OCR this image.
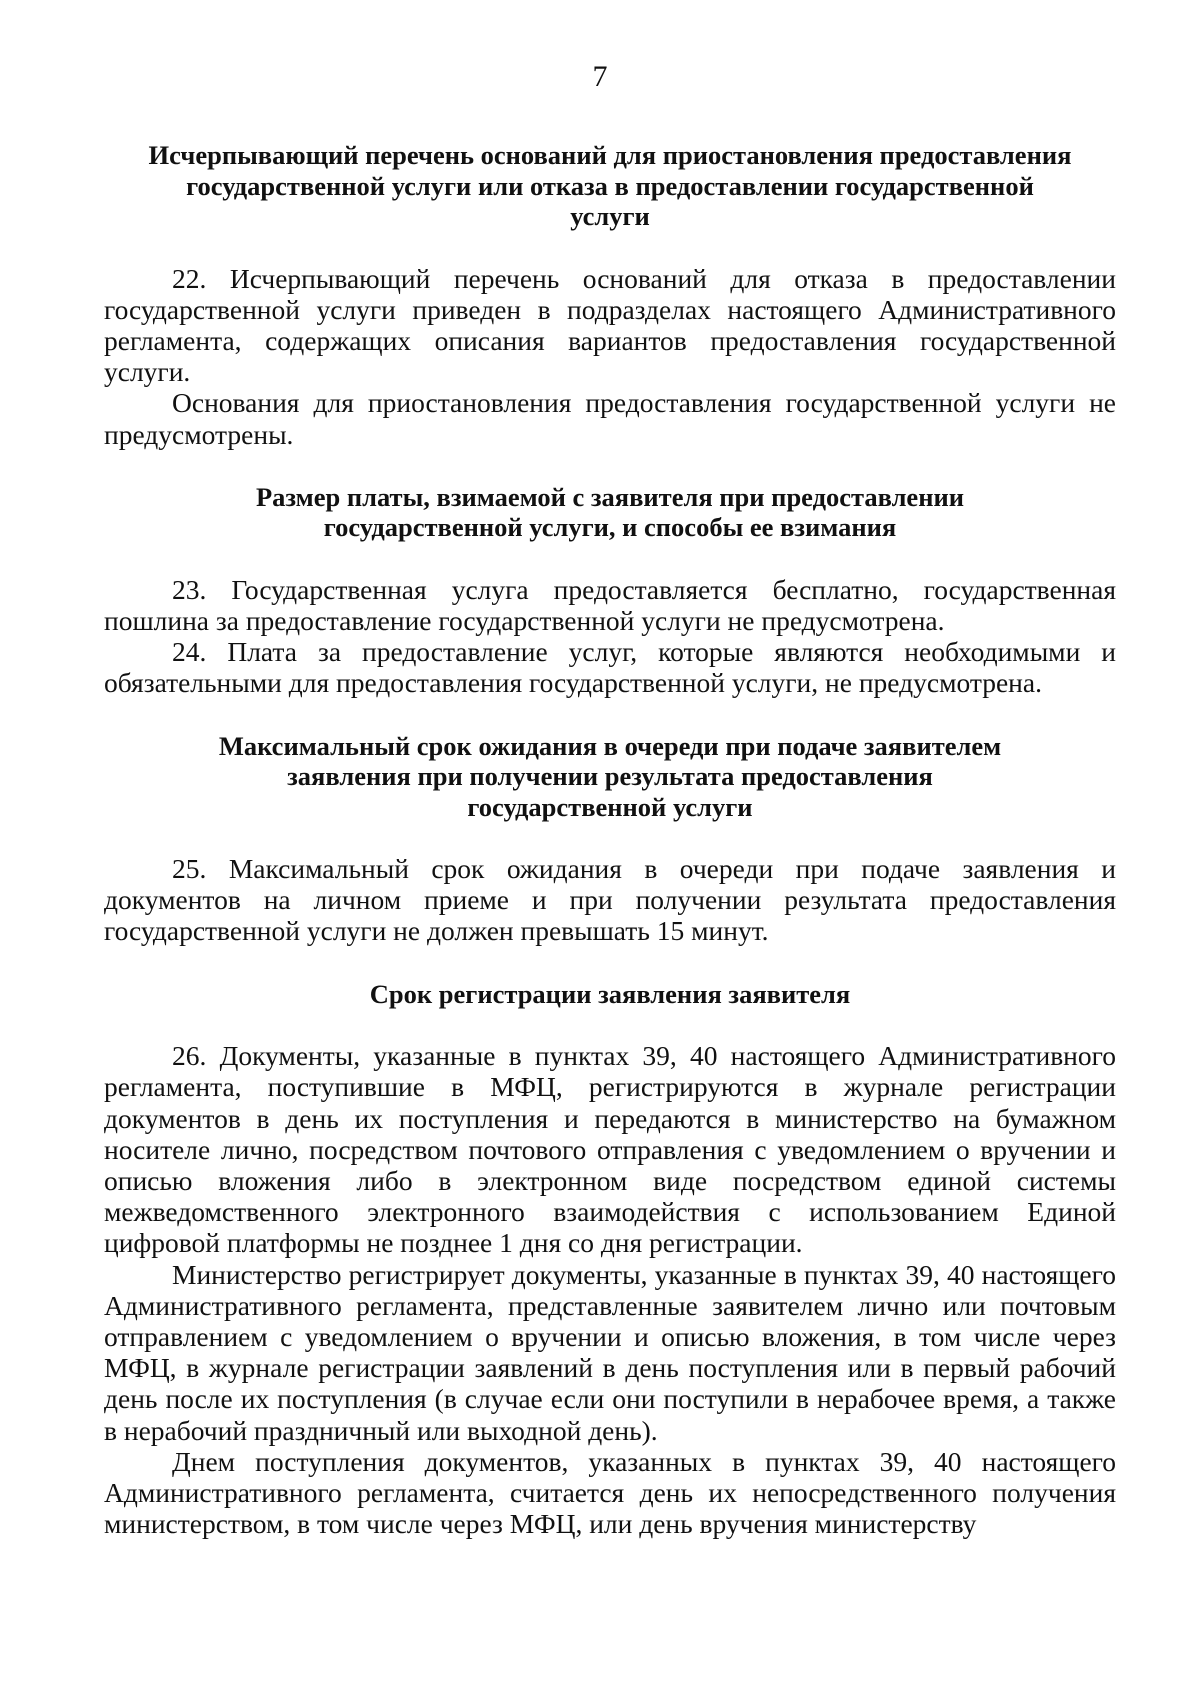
7
Исчерпывающий перечень оснований для приостановления предоставления государственной услуги или отказа в предоставлении государственной услуги

22. Исчерпывающий перечень оснований для отказа в предоставлении государственной услуги приведен в подразделах настоящего Административного регламента, содержащих описания вариантов предоставления государственной услуги.

Основания для приостановления предоставления государственной услуги не предусмотрены.

Размер платы, взимаемой с заявителя при предоставлении государственной услуги, и способы ее взимания

23. Государственная услуга предоставляется бесплатно, государственная пошлина за предоставление государственной услуги не предусмотрена.

24. Плата за предоставление услуг, которые являются необходимыми и обязательными для предоставления государственной услуги, не предусмотрена.

Максимальный срок ожидания в очереди при подаче заявителем заявления при получении результата предоставления государственной услуги

25. Максимальный срок ожидания в очереди при подаче заявления и документов на личном приеме и при получении результата предоставления государственной услуги не должен превышать 15 минут.

Срок регистрации заявления заявителя

26. Документы, указанные в пунктах 39, 40 настоящего Административного регламента, поступившие в МФЦ, регистрируются в журнале регистрации документов в день их поступления и передаются в министерство на бумажном носителе лично, посредством почтового отправления с уведомлением о вручении и описью вложения либо в электронном виде посредством единой системы межведомственного электронного взаимодействия с использованием Единой цифровой платформы не позднее 1 дня со дня регистрации.

Министерство регистрирует документы, указанные в пунктах 39, 40 настоящего Административного регламента, представленные заявителем лично или почтовым отправлением с уведомлением о вручении и описью вложения, в том числе через МФЦ, в журнале регистрации заявлений в день поступления или в первый рабочий день после их поступления (в случае если они поступили в нерабочее время, а также в нерабочий праздничный или выходной день).

Днем поступления документов, указанных в пунктах 39, 40 настоящего Административного регламента, считается день их непосредственного получения министерством, в том числе через МФЦ, или день вручения министерству
